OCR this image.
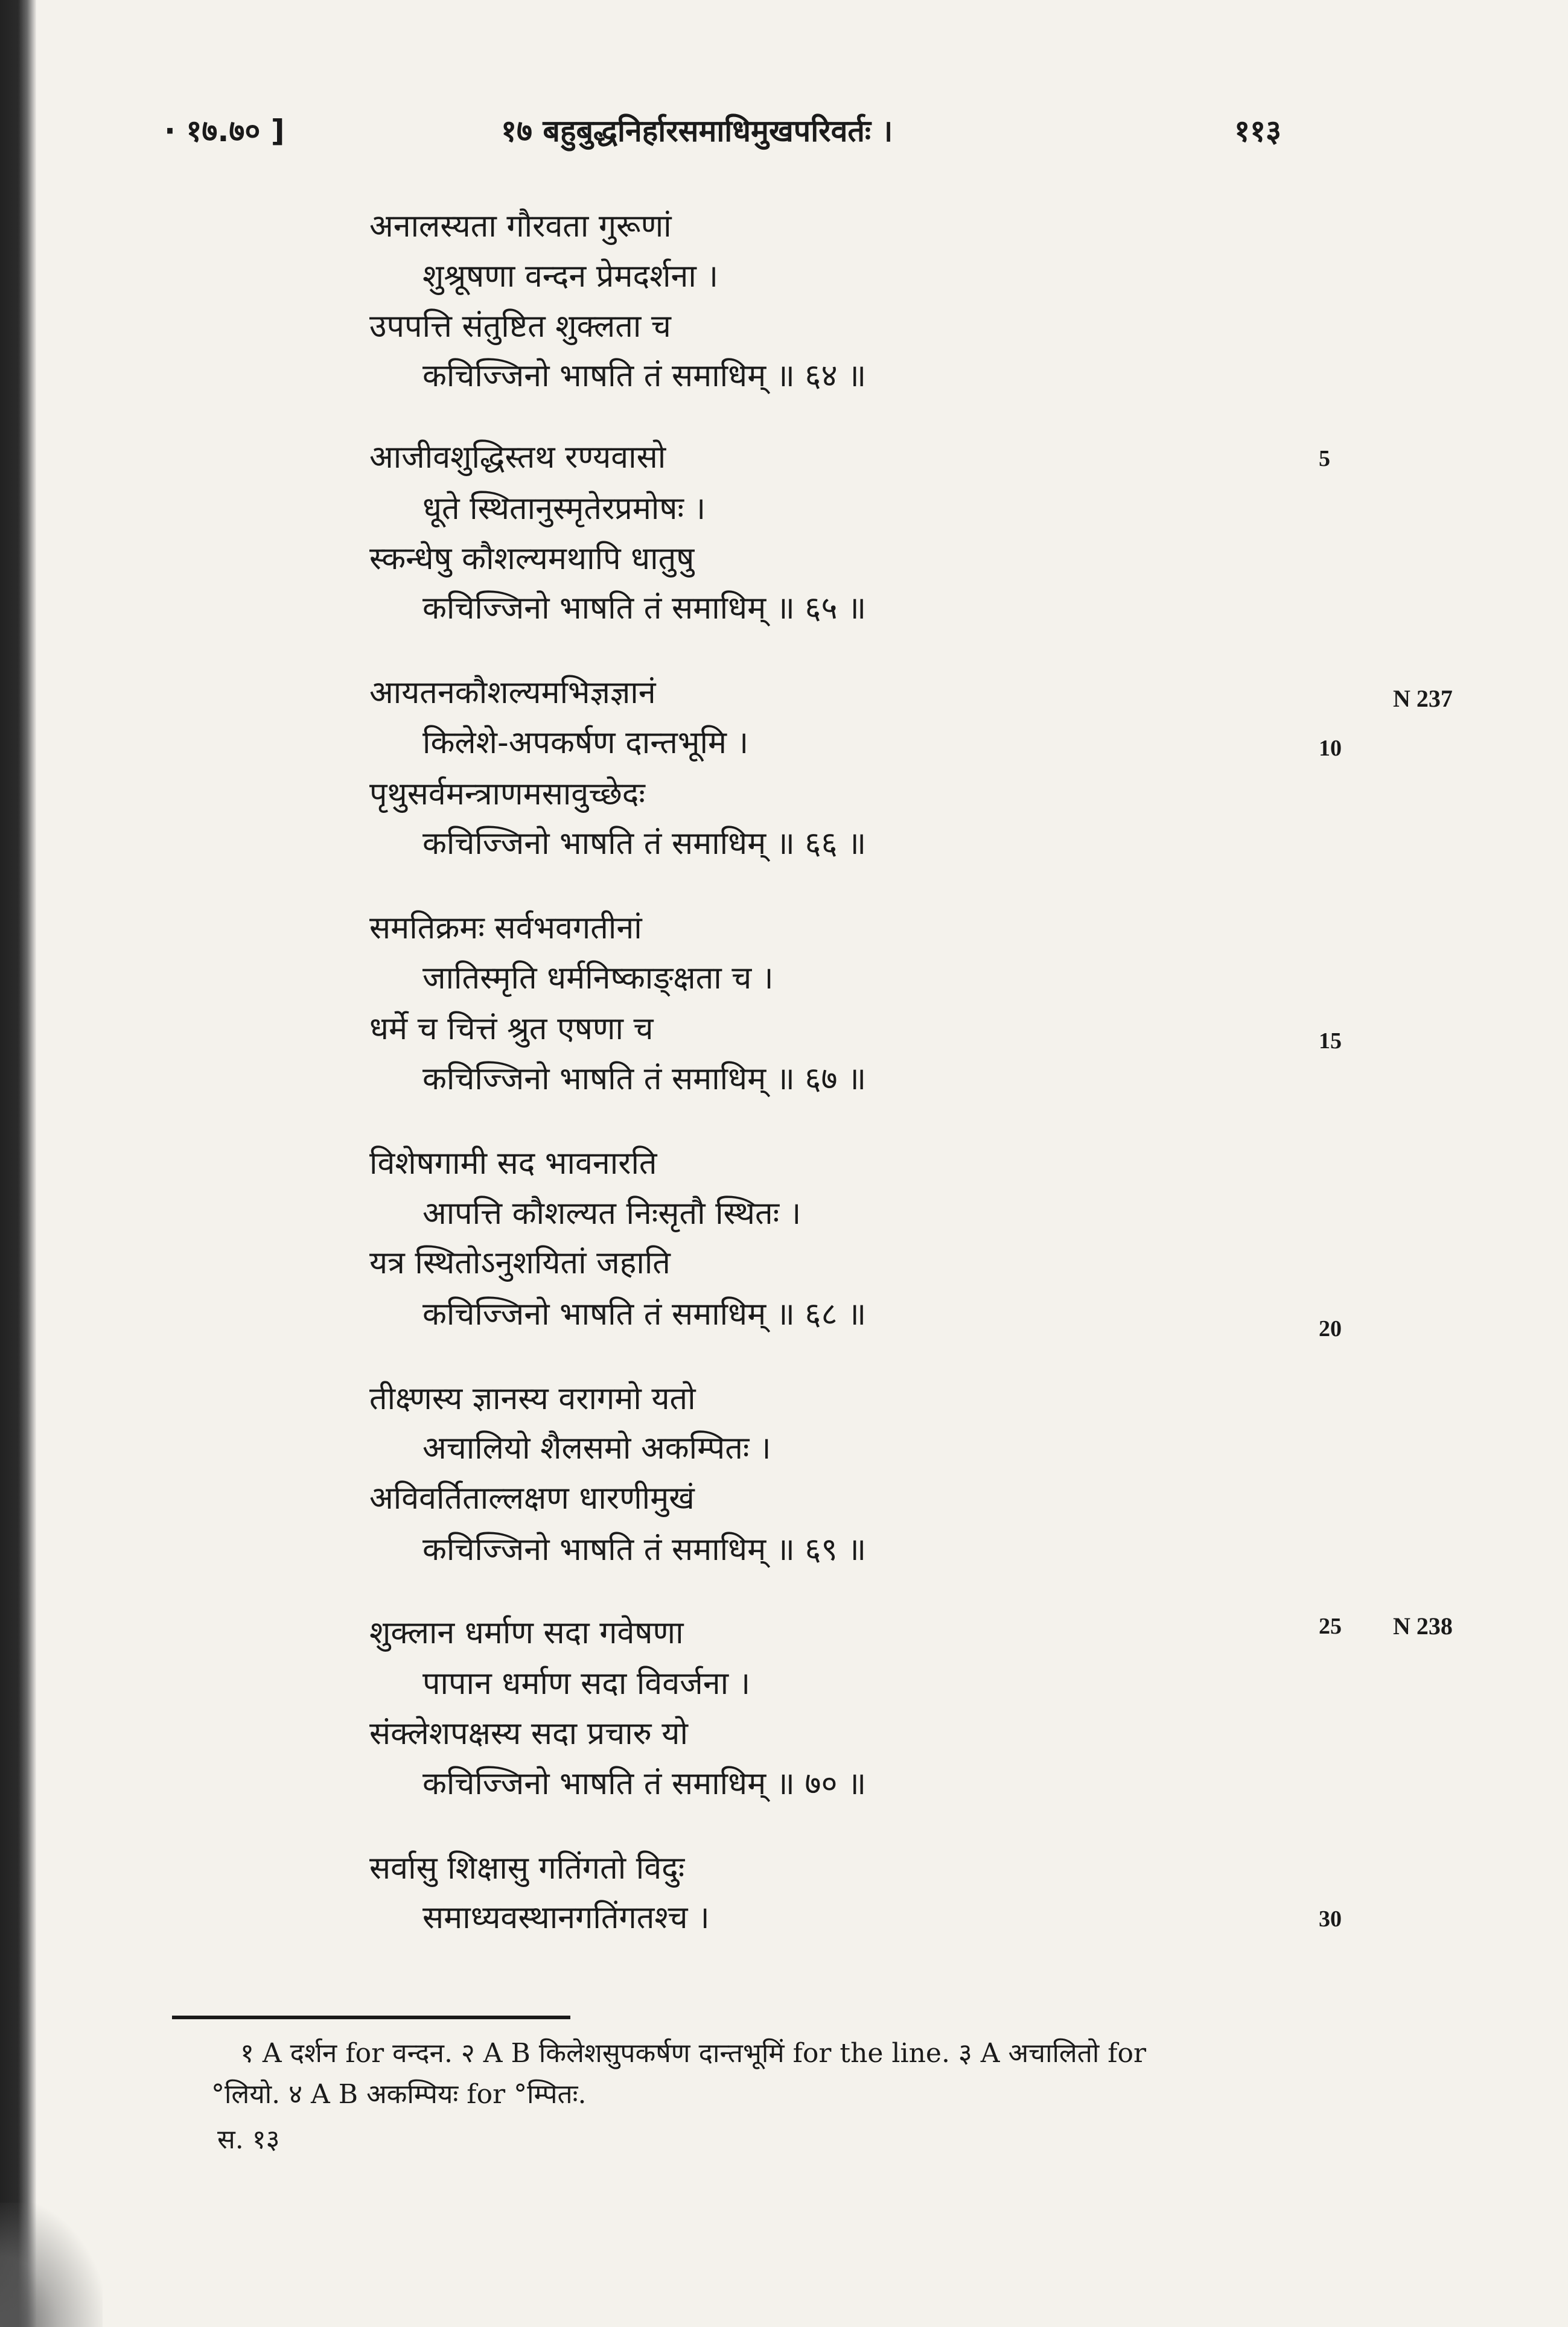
· १७.७० ]	१७ बहुबुद्धनिर्हारसमाधिमुखपरिवर्तः ।	११३
अनालस्यता गौरवता गुरूणां
शुश्रूषणा वन्दन प्रेमदर्शना ।
उपपत्ति संतुष्टित शुक्लता च
कचिज्जिनो भाषति तं समाधिम् ॥ ६४ ॥
आजीवशुद्धिस्तथ रण्यवासो
धूते स्थितानुस्मृतेरप्रमोषः ।
स्कन्धेषु कौशल्यमथापि धातुषु
कचिज्जिनो भाषति तं समाधिम् ॥ ६५ ॥
आयतनकौशल्यमभिज्ञज्ञानं
किलेशे-अपकर्षण दान्तभूमि ।
पृथुसर्वमन्त्राणमसावुच्छेदः
कचिज्जिनो भाषति तं समाधिम् ॥ ६६ ॥
समतिक्रमः सर्वभवगतीनां
जातिस्मृति धर्मनिष्काङ्क्षता च ।
धर्मे च चित्तं श्रुत एषणा च
कचिज्जिनो भाषति तं समाधिम् ॥ ६७ ॥
विशेषगामी सद भावनारति
आपत्ति कौशल्यत निःसृतौ स्थितः ।
यत्र स्थितोऽनुशयितां जहाति
कचिज्जिनो भाषति तं समाधिम् ॥ ६८ ॥
तीक्ष्णस्य ज्ञानस्य वरागमो यतो
अचालियो शैलसमो अकम्पितः ।
अविवर्तिताल्लक्षण धारणीमुखं
कचिज्जिनो भाषति तं समाधिम् ॥ ६९ ॥
शुक्लान धर्माण सदा गवेषणा
पापान धर्माण सदा विवर्जना ।
संक्लेशपक्षस्य सदा प्रचारु यो
कचिज्जिनो भाषति तं समाधिम् ॥ ७० ॥
सर्वासु शिक्षासु गतिंगतो विदुः
समाध्यवस्थानगतिंगतश्च ।
5
10
15
20
25
30
N 237
N 238
१ A दर्शन for वन्दन. २ A B किलेशसुपकर्षण दान्तभूमिं for the line. ३ A अचालितो for
°लियो. ४ A B अकम्पियः for °म्पितः.
स. १३
